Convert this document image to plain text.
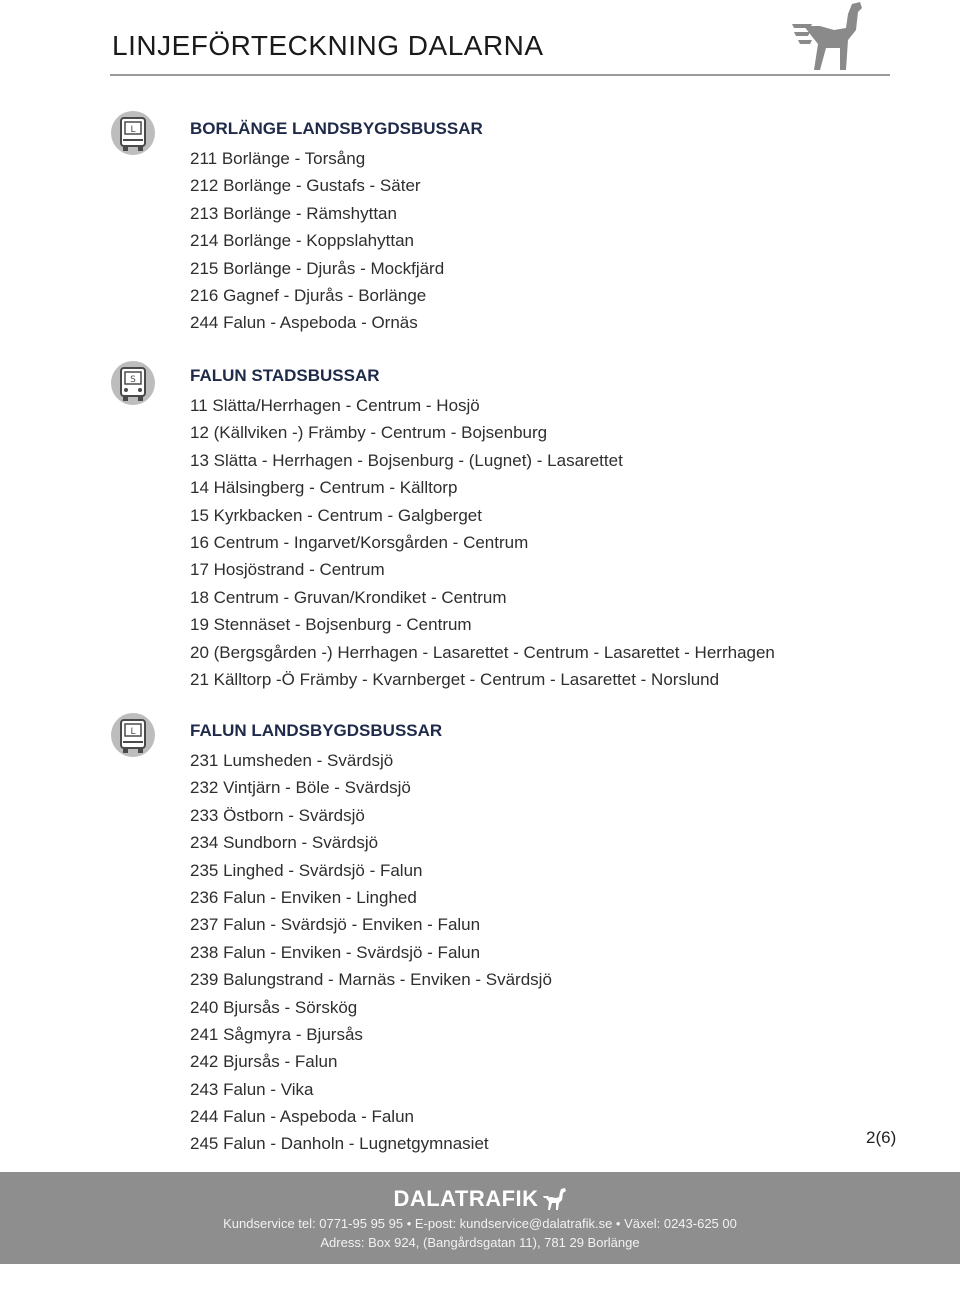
LINJEFÖRTECKNING DALARNA
L	BORLÄNGE LANDSBYGDSBUSSAR
211 Borlänge - Torsång
212 Borlänge - Gustafs - Säter
213 Borlänge - Rämshyttan
214 Borlänge - Koppslahyttan
215 Borlänge - Djurås - Mockfjärd
216 Gagnef - Djurås - Borlänge
244 Falun - Aspeboda - Ornäs
S	FALUN STADSBUSSAR
11 Slätta/Herrhagen - Centrum - Hosjö
12 (Källviken -) Främby - Centrum - Bojsenburg
13 Slätta - Herrhagen - Bojsenburg - (Lugnet) - Lasarettet
14 Hälsingberg - Centrum - Källtorp
15 Kyrkbacken - Centrum - Galgberget
16 Centrum - Ingarvet/Korsgården - Centrum
17 Hosjöstrand - Centrum
18 Centrum - Gruvan/Krondiket - Centrum
19 Stennäset - Bojsenburg - Centrum
20 (Bergsgården -) Herrhagen - Lasarettet - Centrum - Lasarettet - Herrhagen
21 Källtorp -Ö Främby - Kvarnberget - Centrum - Lasarettet - Norslund
L	FALUN LANDSBYGDSBUSSAR
231 Lumsheden - Svärdsjö
232 Vintjärn - Böle - Svärdsjö
233 Östborn - Svärdsjö
234 Sundborn - Svärdsjö
235 Linghed - Svärdsjö - Falun
236 Falun - Enviken - Linghed
237 Falun - Svärdsjö - Enviken - Falun
238 Falun - Enviken - Svärdsjö - Falun
239 Balungstrand - Marnäs - Enviken - Svärdsjö
240 Bjursås - Sörskög
241 Sågmyra - Bjursås
242 Bjursås - Falun
243 Falun - Vika
244 Falun - Aspeboda - Falun
245 Falun - Danholn - Lugnetgymnasiet	2(6)
DALATRAFIK
Kundservice tel: 0771-95 95 95 • E-post: kundservice@dalatrafik.se • Växel: 0243-625 00
Adress: Box 924, (Bangårdsgatan 11), 781 29 Borlänge
